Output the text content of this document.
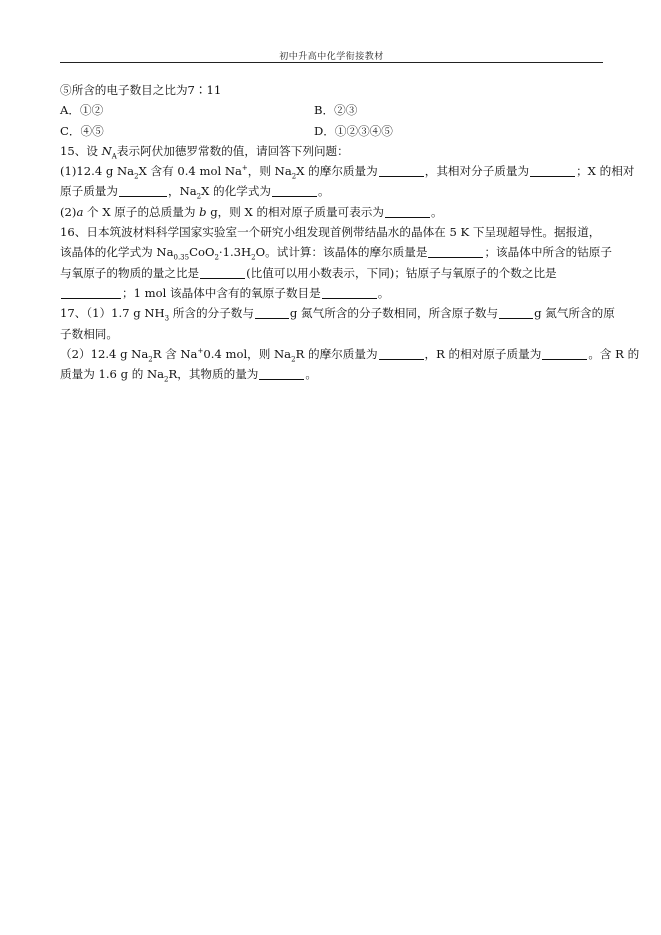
初中升高中化学衔接教材
⑤所含的电子数目之比为7∶11
A．①②	B．②③
C．④⑤	D．①②③④⑤
15、设 $N_A$表示阿伏加德罗常数的值，请回答下列问题：
(1)12.4 g $Na_2X$ 含有 0.4 mol Na+，则 $Na_2X$ 的摩尔质量为	，其相对分子质量为	；X 的相对
原子质量为	，$Na_2X$ 的化学式为	。
(2)a 个 X 原子的总质量为 b g，则 X 的相对原子质量可表示为	。
16、日本筑波材料科学国家实验室一个研究小组发现首例带结晶水的晶体在 5 K 下呈现超导性。据报道，
该晶体的化学式为 $Na_{0.35}CoO_2\cdot 1.3H_2O$。试计算：该晶体的摩尔质量是	；该晶体中所含的钴原子
与氧原子的物质的量之比是	(比值可以用小数表示，下同)；钴原子与氧原子的个数之比是
；1 mol 该晶体中含有的氧原子数目是	。
17、（1）1.7 g $NH_3$ 所含的分子数与	g 氮气所含的分子数相同，所含原子数与	g 氮气所含的原
子数相同。
（2）12.4 g $Na_2R$ 含 Na+0.4 mol，则 $Na_2R$ 的摩尔质量为	，R 的相对原子质量为	。含 R 的
质量为 1.6 g 的 $Na_2R$，其物质的量为	。
